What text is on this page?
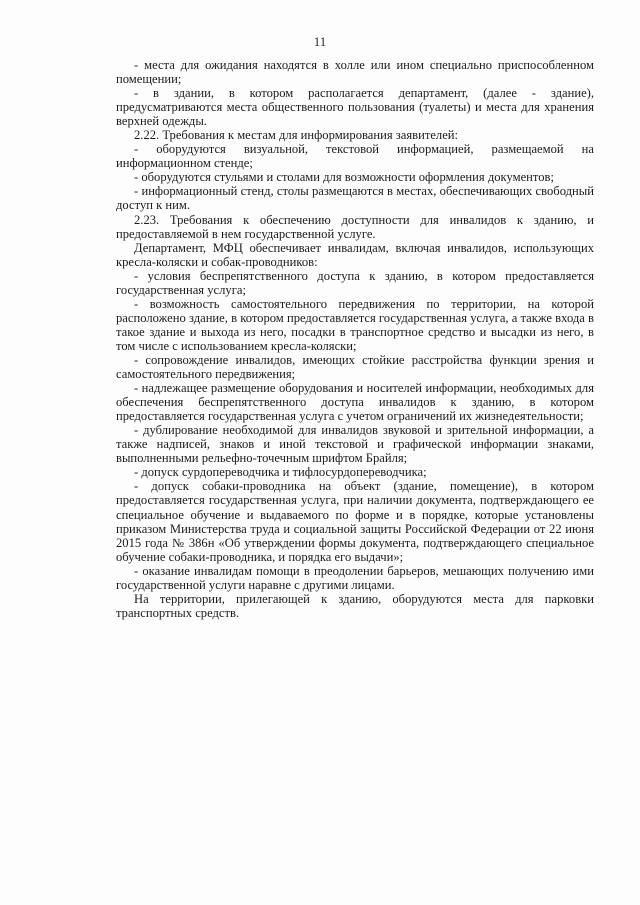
11

- места для ожидания находятся в холле или ином специально приспособленном помещении;

- в здании, в котором располагается департамент, (далее - здание), предусматриваются места общественного пользования (туалеты) и места для хранения верхней одежды.

2.22. Требования к местам для информирования заявителей:

- оборудуются визуальной, текстовой информацией, размещаемой на информационном стенде;

- оборудуются стульями и столами для возможности оформления документов;

- информационный стенд, столы размещаются в местах, обеспечивающих свободный доступ к ним.

2.23. Требования к обеспечению доступности для инвалидов к зданию, и предоставляемой в нем государственной услуге.

Департамент, МФЦ обеспечивает инвалидам, включая инвалидов, использующих кресла-коляски и собак-проводников:

- условия беспрепятственного доступа к зданию, в котором предоставляется государственная услуга;

- возможность самостоятельного передвижения по территории, на которой расположено здание, в котором предоставляется государственная услуга, а также входа в такое здание и выхода из него, посадки в транспортное средство и высадки из него, в том числе с использованием кресла-коляски;

- сопровождение инвалидов, имеющих стойкие расстройства функции зрения и самостоятельного передвижения;

- надлежащее размещение оборудования и носителей информации, необходимых для обеспечения беспрепятственного доступа инвалидов к зданию, в котором предоставляется государственная услуга с учетом ограничений их жизнедеятельности;

- дублирование необходимой для инвалидов звуковой и зрительной информации, а также надписей, знаков и иной текстовой и графической информации знаками, выполненными рельефно-точечным шрифтом Брайля;

- допуск сурдопереводчика и тифлосурдопереводчика;

- допуск собаки-проводника на объект (здание, помещение), в котором предоставляется государственная услуга, при наличии документа, подтверждающего ее специальное обучение и выдаваемого по форме и в порядке, которые установлены приказом Министерства труда и социальной защиты Российской Федерации от 22 июня 2015 года № 386н «Об утверждении формы документа, подтверждающего специальное обучение собаки-проводника, и порядка его выдачи»;

- оказание инвалидам помощи в преодолении барьеров, мешающих получению ими государственной услуги наравне с другими лицами.

На территории, прилегающей к зданию, оборудуются места для парковки транспортных средств.
